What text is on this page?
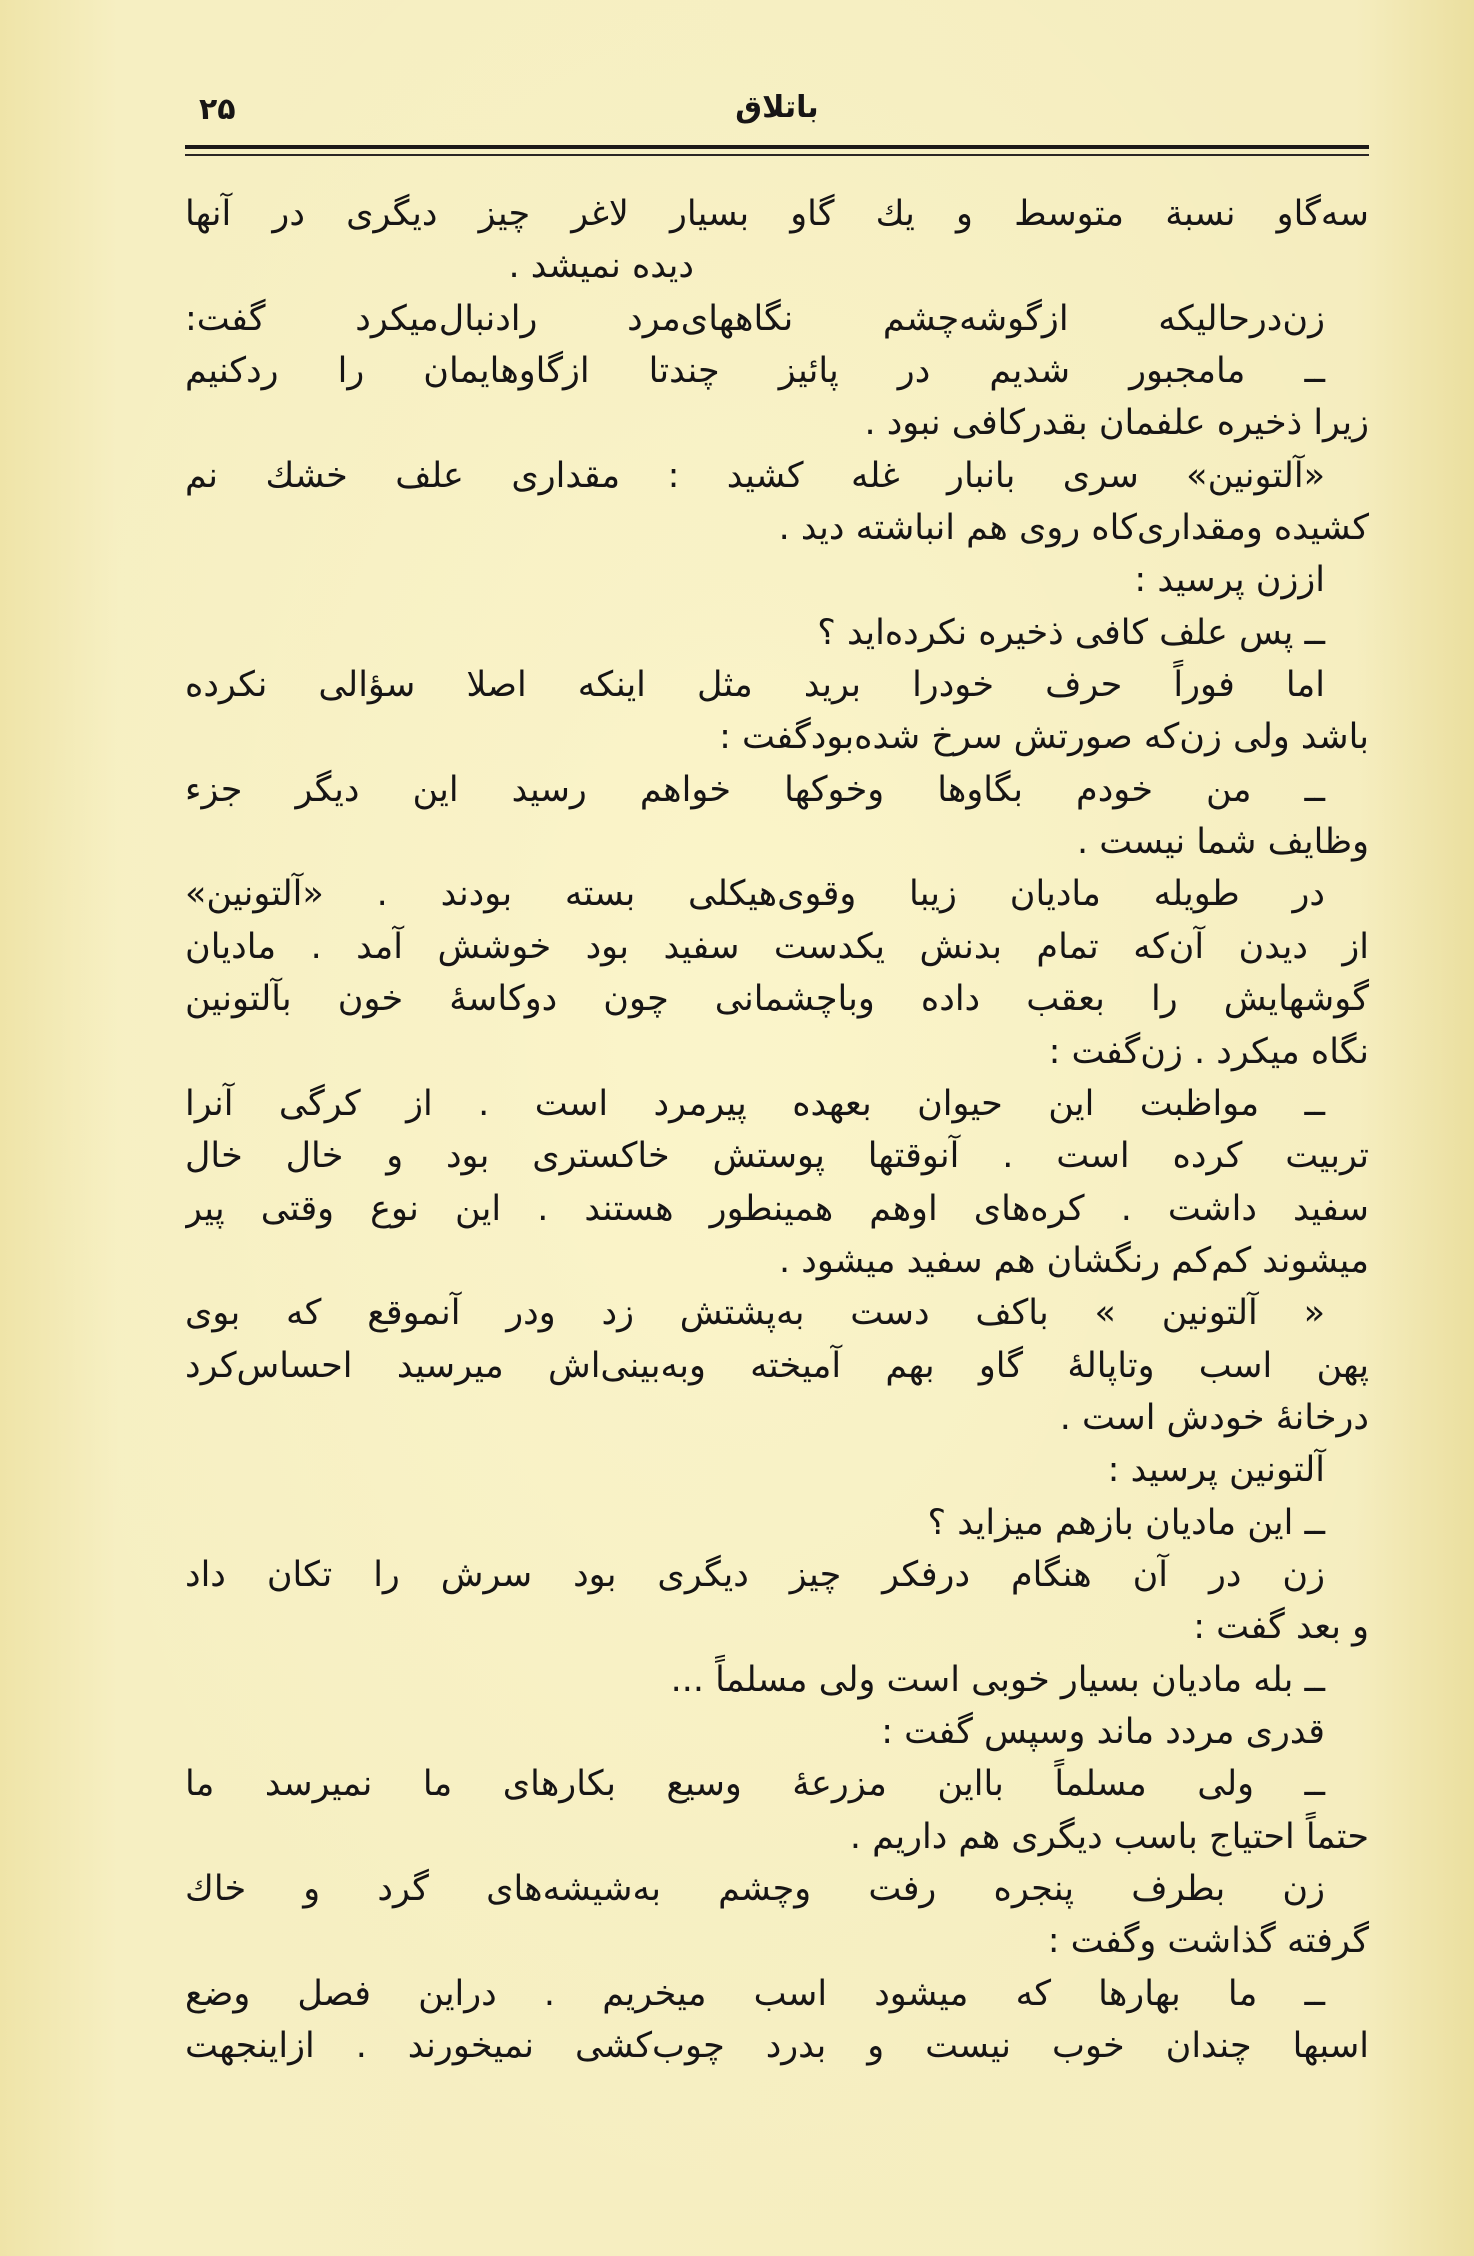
۲۵	باتلاق
سه‌گاو نسبة متوسط و یك گاو بسیار لاغر چیز دیگری در آنها
دیده نمیشد .
زن‌درحالیکه ازگوشه‌چشم نگاههای‌مرد رادنبال‌میکرد گفت:
ــ مامجبور شدیم در پائیز چندتا ازگاوهایمان را ردکنیم
زیرا ذخیره علفمان بقدرکافی نبود .
«آلتونین» سری بانبار غله کشید : مقداری علف خشك نم
کشیده ومقداری‌کاه روی هم انباشته دید .
اززن پرسید :
ــ پس علف کافی ذخیره نکرده‌اید ؟
اما فوراً حرف خودرا برید مثل اینکه اصلا سؤالی نکرده
باشد ولی زن‌که صورتش سرخ شده‌بودگفت :
ــ من خودم بگاوها وخوکها خواهم رسید این دیگر جزء
وظایف شما نیست .
در طویله مادیان زیبا وقوی‌هیکلی بسته بودند . «آلتونین»
از دیدن آن‌که تمام بدنش یکدست سفید بود خوشش آمد . مادیان
گوشهایش را بعقب داده وباچشمانی چون دوکاسهٔ خون بآلتونین
نگاه میکرد . زن‌گفت :
ــ مواظبت این حیوان بعهده پیرمرد است . از کرگی آنرا
تربیت کرده است . آنوقتها پوستش خاکستری بود و خال خال
سفید داشت . کره‌های اوهم همینطور هستند . این نوع وقتی پیر
میشوند کم‌کم رنگشان هم سفید میشود .
« آلتونین » باکف دست به‌پشتش زد ودر آنموقع که بوی
پهن اسب وتاپالهٔ گاو بهم آمیخته وبه‌بینی‌اش میرسید احساس‌کرد
درخانهٔ خودش است .
آلتونین پرسید :
ــ این مادیان بازهم میزاید ؟
زن در آن هنگام درفکر چیز دیگری بود سرش را تکان داد
و بعد گفت :
ــ بله مادیان بسیار خوبی است ولی مسلماً ...
قدری مردد ماند وسپس گفت :
ــ ولی مسلماً بااین مزرعهٔ وسیع بکارهای ما نمیرسد ما
حتماً احتیاج باسب دیگری هم داریم .
زن بطرف پنجره رفت وچشم به‌شیشه‌های گرد و خاك
گرفته گذاشت وگفت :
ــ ما بهارها که میشود اسب میخریم . دراین فصل وضع
اسبها چندان خوب نیست و بدرد چوب‌کشی نمیخورند . ازاینجهت
